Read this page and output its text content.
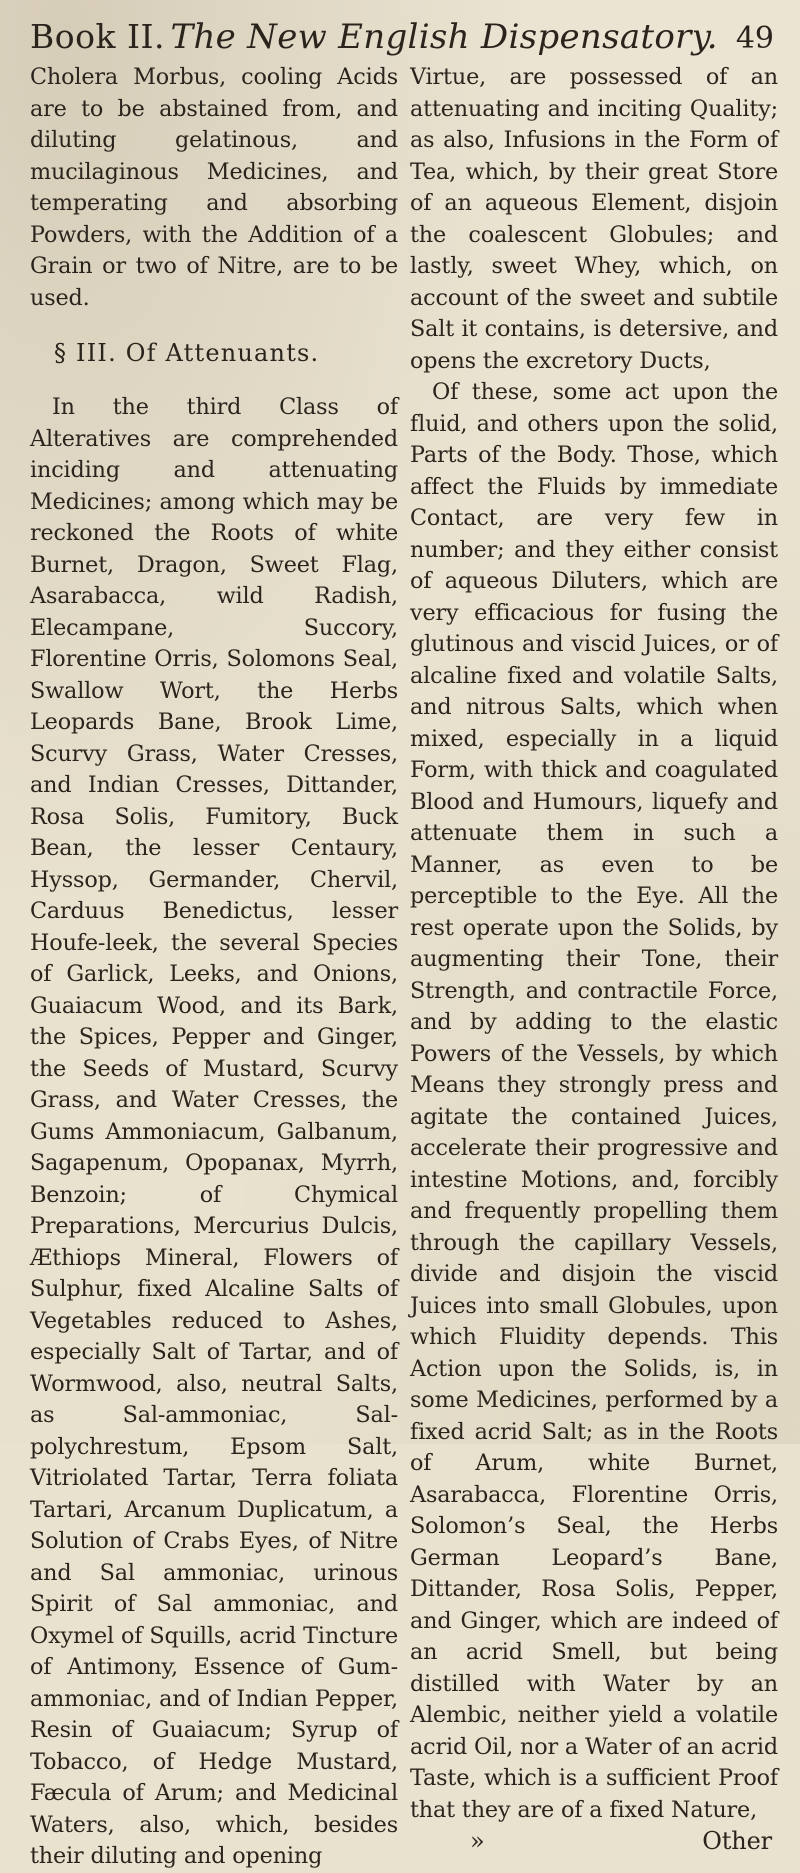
Book II. The New English Dispensatory. 49

Cholera Morbus, cooling Acids are to be abstained from, and diluting gelatinous, and mucilaginous Medicines, and temperating and absorbing Powders, with the Addition of a Grain or two of Nitre, are to be used.

§ III. Of Attenuants.

In the third Class of Alteratives are comprehended inciding and attenuating Medicines; among which may be reckoned the Roots of white Burnet, Dragon, Sweet Flag, Asarabacca, wild Radish, Elecampane, Succory, Florentine Orris, Solomons Seal, Swallow Wort, the Herbs Leopards Bane, Brook Lime, Scurvy Grass, Water Cresses, and Indian Cresses, Dittander, Rosa Solis, Fumitory, Buck Bean, the lesser Centaury, Hyssop, Germander, Chervil, Carduus Benedictus, lesser Houfe-leek, the several Species of Garlick, Leeks, and Onions, Guaiacum Wood, and its Bark, the Spices, Pepper and Ginger, the Seeds of Mustard, Scurvy Grass, and Water Cresses, the Gums Ammoniacum, Galbanum, Sagapenum, Opopanax, Myrrh, Benzoin; of Chymical Preparations, Mercurius Dulcis, Æthiops Mineral, Flowers of Sulphur, fixed Alcaline Salts of Vegetables reduced to Ashes, especially Salt of Tartar, and of Wormwood, also, neutral Salts, as Sal-ammoniac, Sal-polychrestum, Epsom Salt, Vitriolated Tartar, Terra foliata Tartari, Arcanum Duplicatum, a Solution of Crabs Eyes, of Nitre and Sal ammoniac, urinous Spirit of Sal ammoniac, and Oxymel of Squills, acrid Tincture of Antimony, Essence of Gum-ammoniac, and of Indian Pepper, Resin of Guaiacum; Syrup of Tobacco, of Hedge Mustard, Fæcula of Arum; and Medicinal Waters, also, which, besides their diluting and opening

Virtue, are possessed of an attenuating and inciting Quality; as also, Infusions in the Form of Tea, which, by their great Store of an aqueous Element, disjoin the coalescent Globules; and lastly, sweet Whey, which, on account of the sweet and subtile Salt it contains, is detersive, and opens the excretory Ducts,

Of these, some act upon the fluid, and others upon the solid, Parts of the Body. Those, which affect the Fluids by immediate Contact, are very few in number; and they either consist of aqueous Diluters, which are very efficacious for fusing the glutinous and viscid Juices, or of alcaline fixed and volatile Salts, and nitrous Salts, which when mixed, especially in a liquid Form, with thick and coagulated Blood and Humours, liquefy and attenuate them in such a Manner, as even to be perceptible to the Eye. All the rest operate upon the Solids, by augmenting their Tone, their Strength, and contractile Force, and by adding to the elastic Powers of the Vessels, by which Means they strongly press and agitate the contained Juices, accelerate their progressive and intestine Motions, and, forcibly and frequently propelling them through the capillary Vessels, divide and disjoin the viscid Juices into small Globules, upon which Fluidity depends. This Action upon the Solids, is, in some Medicines, performed by a fixed acrid Salt; as in the Roots of Arum, white Burnet, Asarabacca, Florentine Orris, Solomon’s Seal, the Herbs German Leopard’s Bane, Dittander, Rosa Solis, Pepper, and Ginger, which are indeed of an acrid Smell, but being distilled with Water by an Alembic, neither yield a volatile acrid Oil, nor a Water of an acrid Taste, which is a sufficient Proof that they are of a fixed Nature,

»	Other
